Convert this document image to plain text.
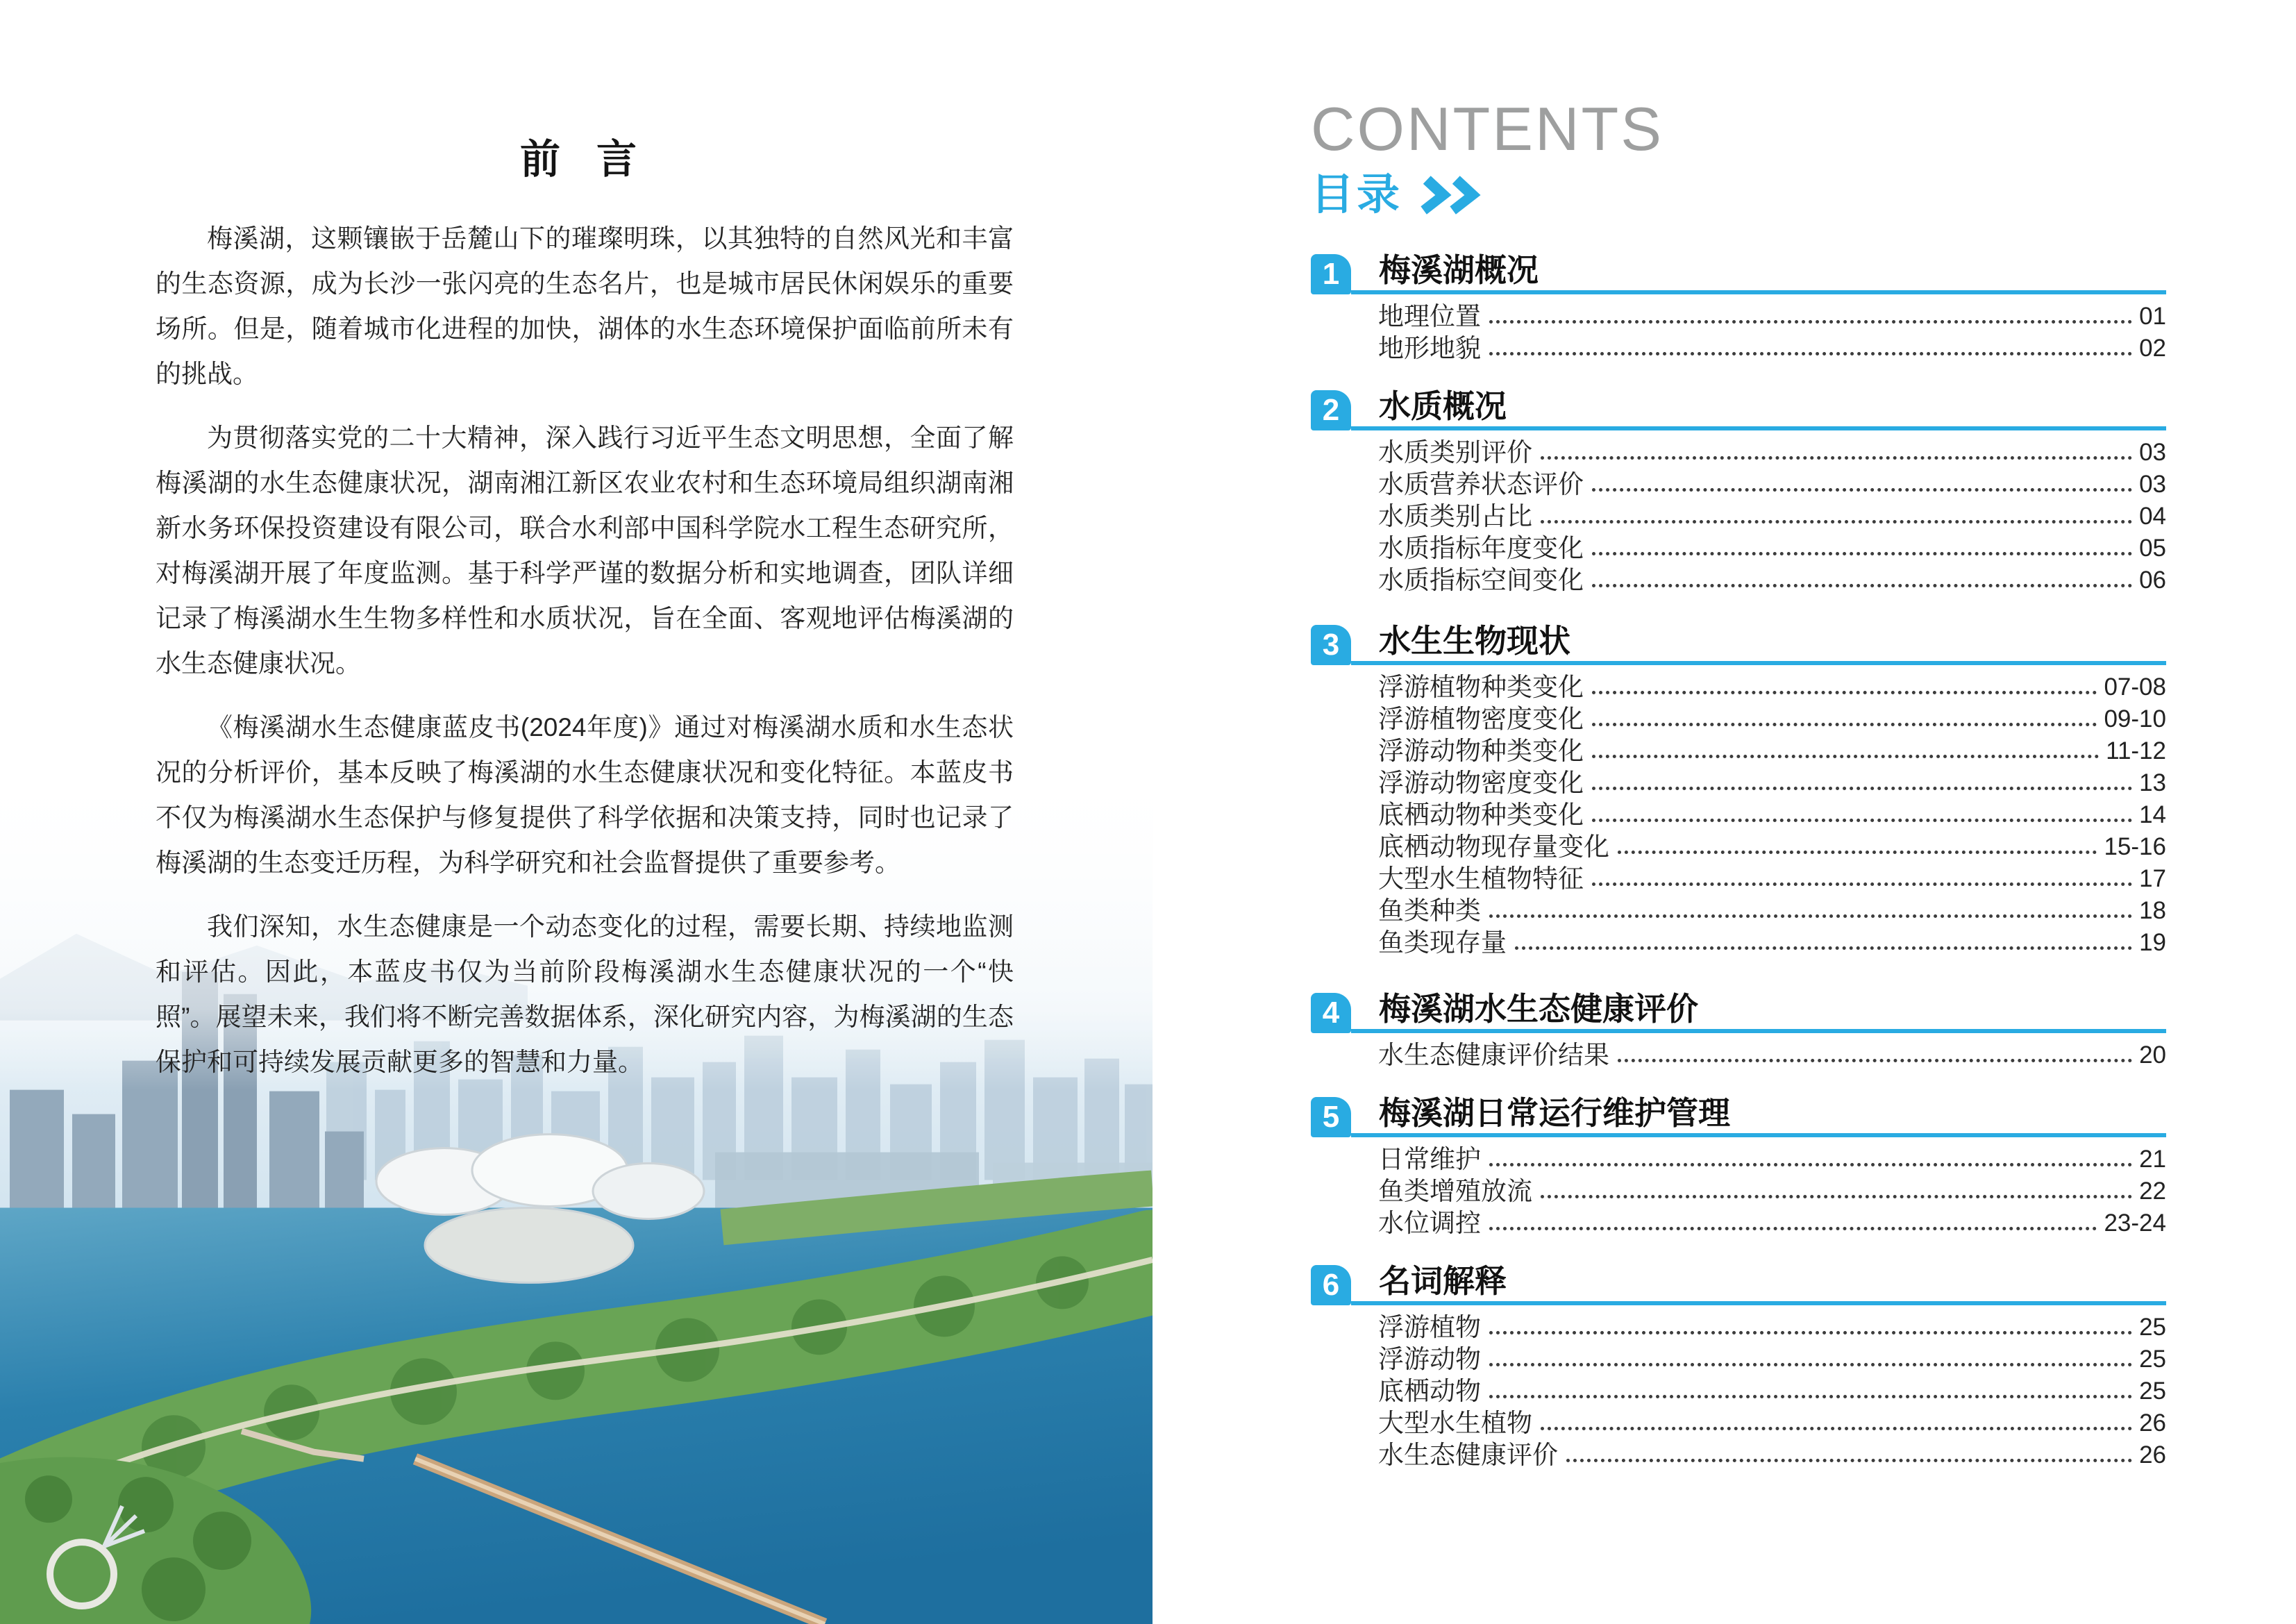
前 言

梅溪湖，这颗镶嵌于岳麓山下的璀璨明珠，以其独特的自然风光和丰富的生态资源，成为长沙一张闪亮的生态名片，也是城市居民休闲娱乐的重要场所。但是，随着城市化进程的加快，湖体的水生态环境保护面临前所未有的挑战。

为贯彻落实党的二十大精神，深入践行习近平生态文明思想，全面了解梅溪湖的水生态健康状况，湖南湘江新区农业农村和生态环境局组织湖南湘新水务环保投资建设有限公司，联合水利部中国科学院水工程生态研究所，对梅溪湖开展了年度监测。基于科学严谨的数据分析和实地调查，团队详细记录了梅溪湖水生生物多样性和水质状况，旨在全面、客观地评估梅溪湖的水生态健康状况。

《梅溪湖水生态健康蓝皮书(2024年度)》通过对梅溪湖水质和水生态状况的分析评价，基本反映了梅溪湖的水生态健康状况和变化特征。本蓝皮书不仅为梅溪湖水生态保护与修复提供了科学依据和决策支持，同时也记录了梅溪湖的生态变迁历程，为科学研究和社会监督提供了重要参考。

我们深知，水生态健康是一个动态变化的过程，需要长期、持续地监测和评估。因此，本蓝皮书仅为当前阶段梅溪湖水生态健康状况的一个“快照”。展望未来，我们将不断完善数据体系，深化研究内容，为梅溪湖的生态保护和可持续发展贡献更多的智慧和力量。

CONTENTS
目录
1	梅溪湖概况
地理位置	01
地形地貌	02
2	水质概况
水质类别评价	03
水质营养状态评价	03
水质类别占比	04
水质指标年度变化	05
水质指标空间变化	06
3	水生生物现状
浮游植物种类变化	07-08
浮游植物密度变化	09-10
浮游动物种类变化	11-12
浮游动物密度变化	13
底栖动物种类变化	14
底栖动物现存量变化	15-16
大型水生植物特征	17
鱼类种类	18
鱼类现存量	19
4	梅溪湖水生态健康评价
水生态健康评价结果	20
5	梅溪湖日常运行维护管理
日常维护	21
鱼类增殖放流	22
水位调控	23-24
6	名词解释
浮游植物	25
浮游动物	25
底栖动物	25
大型水生植物	26
水生态健康评价	26
